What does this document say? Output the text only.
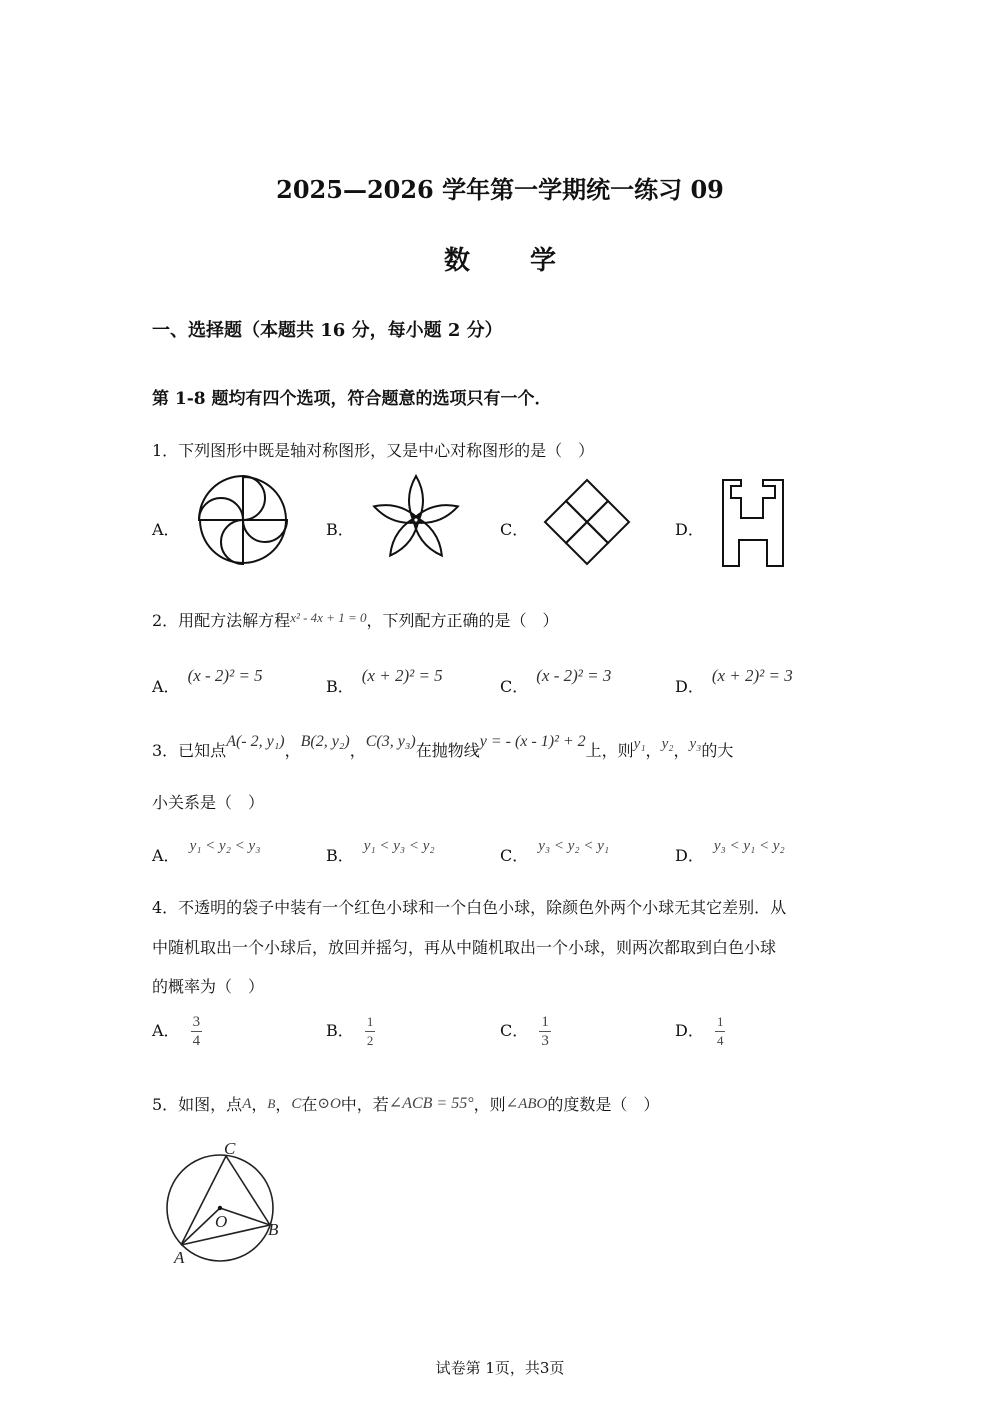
2025—2026 学年第一学期统一练习 09
数 学
一、选择题（本题共 16 分，每小题 2 分）
第 1-8 题均有四个选项，符合题意的选项只有一个．
1．下列图形中既是轴对称图形，又是中心对称图形的是（　）
A．	B．	C．	D．
2．用配方法解方程$^{x^2 - 4x + 1 = 0}$，下列配方正确的是（　）
A．(x - 2)² = 5
B．(x + 2)² = 5
C．(x - 2)² = 3
D．(x + 2)² = 3
3．已知点A(- 2, y₁)，B(2, y₂)，C(3, y₃)在抛物线y = - (x - 1)² + 2上，则y₁，y₂，y₃的大
小关系是（　）
A． y₁ < y₂ < y₃	B． y₁ < y₃ < y₂	C． y₃ < y₂ < y₁	D． y₃ < y₁ < y₂
4．不透明的袋子中装有一个红色小球和一个白色小球，除颜色外两个小球无其它差别．从
中随机取出一个小球后，放回并摇匀，再从中随机取出一个小球，则两次都取到白色小球
的概率为（　）
A． $\frac{3}{4}$	B． $\frac{1}{2}$	C． $\frac{1}{3}$	D． $\frac{1}{4}$
5．如图，点A，B，C在⊙O中，若∠ACB = 55°，则∠ABO的度数是（　）
C
O B
A
试卷第 1页，共3页
